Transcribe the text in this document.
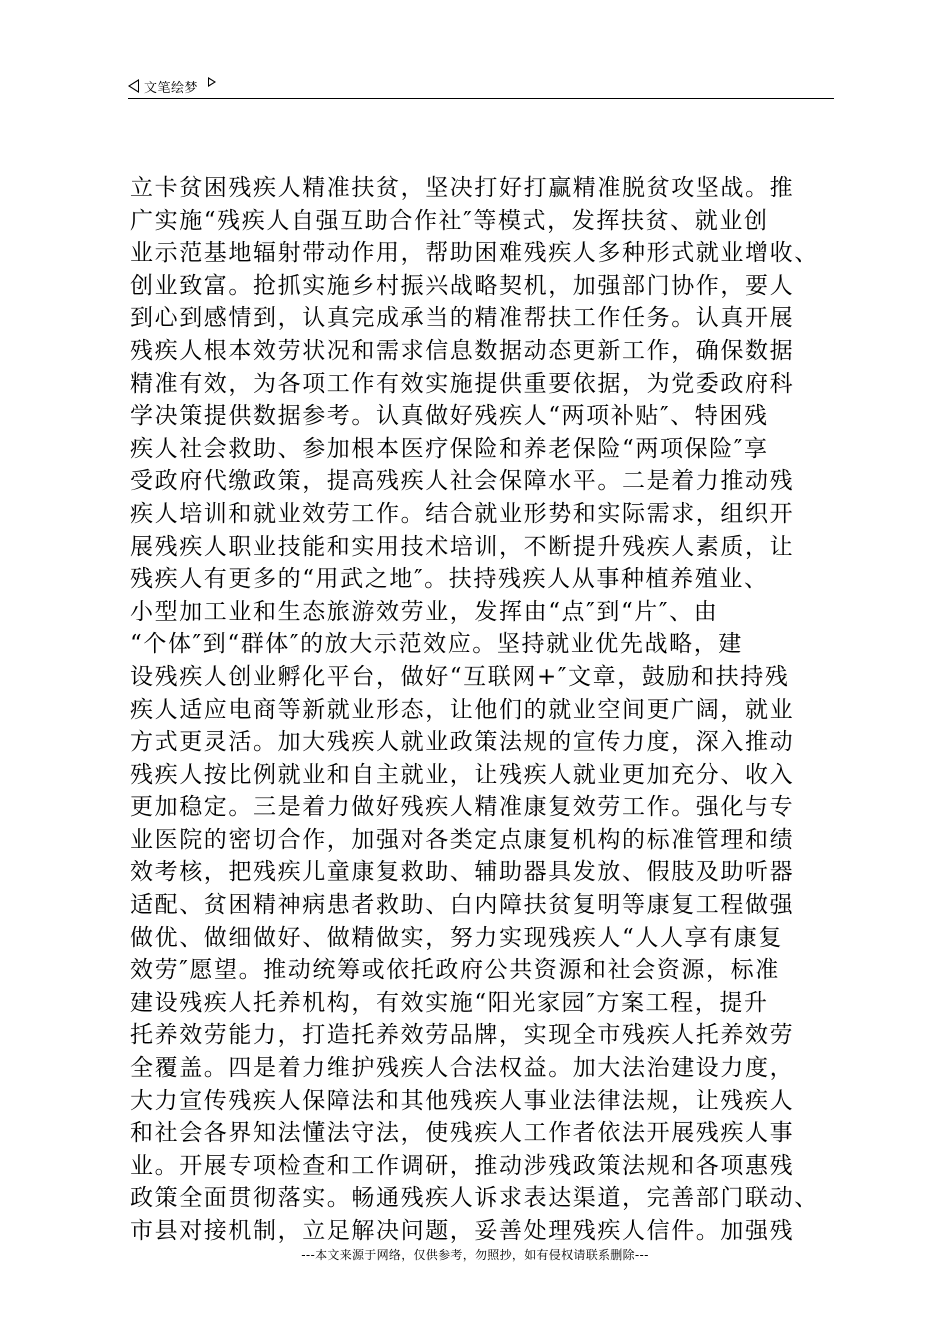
文笔绘梦
立卡贫困残疾人精准扶贫，坚决打好打赢精准脱贫攻坚战。推
广实施“残疾人自强互助合作社″等模式，发挥扶贫、就业创
业示范基地辐射带动作用，帮助困难残疾人多种形式就业增收、
创业致富。抢抓实施乡村振兴战略契机，加强部门协作，要人
到心到感情到，认真完成承当的精准帮扶工作任务。认真开展
残疾人根本效劳状况和需求信息数据动态更新工作，确保数据
精准有效，为各项工作有效实施提供重要依据，为党委政府科
学决策提供数据参考。认真做好残疾人“两项补贴″、特困残
疾人社会救助、参加根本医疗保险和养老保险“两项保险″享
受政府代缴政策，提高残疾人社会保障水平。二是着力推动残
疾人培训和就业效劳工作。结合就业形势和实际需求，组织开
展残疾人职业技能和实用技术培训，不断提升残疾人素质，让
残疾人有更多的“用武之地″。扶持残疾人从事种植养殖业、
小型加工业和生态旅游效劳业，发挥由“点″到“片″、由
“个体″到“群体″的放大示范效应。坚持就业优先战略，建
设残疾人创业孵化平台，做好“互联网+″文章，鼓励和扶持残
疾人适应电商等新就业形态，让他们的就业空间更广阔，就业
方式更灵活。加大残疾人就业政策法规的宣传力度，深入推动
残疾人按比例就业和自主就业，让残疾人就业更加充分、收入
更加稳定。三是着力做好残疾人精准康复效劳工作。强化与专
业医院的密切合作，加强对各类定点康复机构的标准管理和绩
效考核，把残疾儿童康复救助、辅助器具发放、假肢及助听器
适配、贫困精神病患者救助、白内障扶贫复明等康复工程做强
做优、做细做好、做精做实，努力实现残疾人“人人享有康复
效劳″愿望。推动统筹或依托政府公共资源和社会资源，标准
建设残疾人托养机构，有效实施“阳光家园″方案工程，提升
托养效劳能力，打造托养效劳品牌，实现全市残疾人托养效劳
全覆盖。四是着力维护残疾人合法权益。加大法治建设力度，
大力宣传残疾人保障法和其他残疾人事业法律法规，让残疾人
和社会各界知法懂法守法，使残疾人工作者依法开展残疾人事
业。开展专项检查和工作调研，推动涉残政策法规和各项惠残
政策全面贯彻落实。畅通残疾人诉求表达渠道，完善部门联动、
市县对接机制，立足解决问题，妥善处理残疾人信件。加强残
---本文来源于网络，仅供参考，勿照抄，如有侵权请联系删除---
